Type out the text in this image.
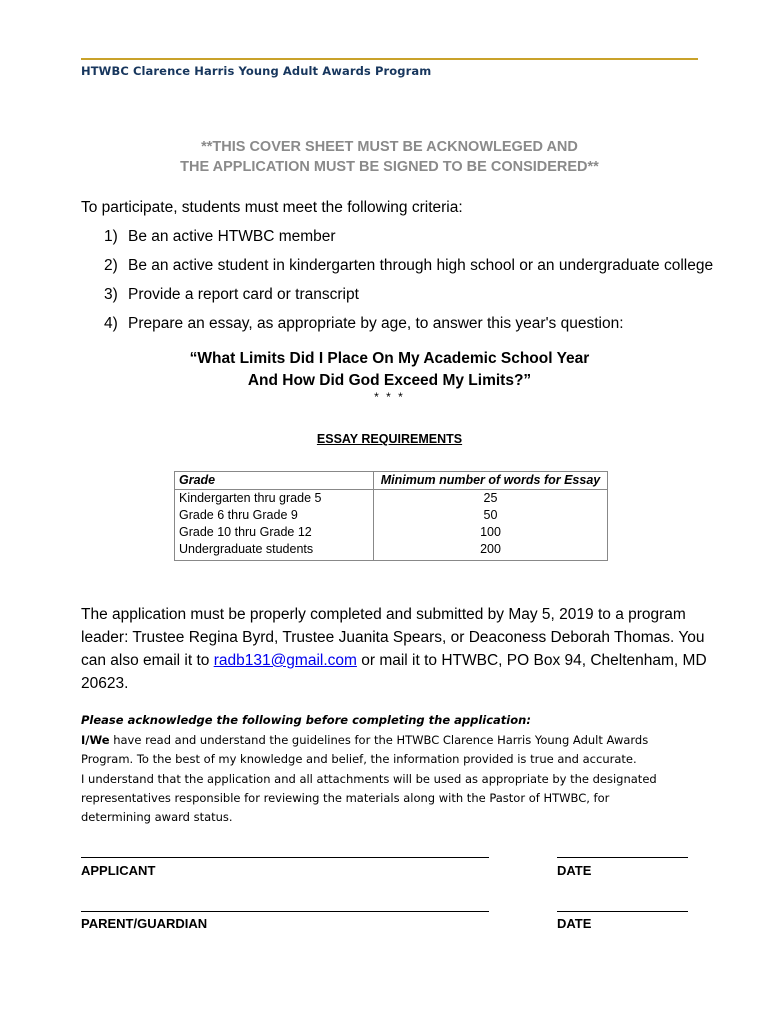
HTWBC Clarence Harris Young Adult Awards Program
**THIS COVER SHEET MUST BE ACKNOWLEGED AND
THE APPLICATION MUST BE SIGNED TO BE CONSIDERED**
To participate, students must meet the following criteria:
1) Be an active HTWBC member
2) Be an active student in kindergarten through high school or an undergraduate college
3) Provide a report card or transcript
4) Prepare an essay, as appropriate by age, to answer this year's question:
“What Limits Did I Place On My Academic School Year
And How Did God Exceed My Limits?”
* * *
ESSAY REQUIREMENTS
Grade	Minimum number of words for Essay
Kindergarten thru grade 5	25
Grade 6 thru Grade 9	50
Grade 10 thru Grade 12	100
Undergraduate students	200
The application must be properly completed and submitted by May 5, 2019 to a program leader: Trustee Regina Byrd, Trustee Juanita Spears, or Deaconess Deborah Thomas. You can also email it to radb131@gmail.com or mail it to HTWBC, PO Box 94, Cheltenham, MD 20623.
Please acknowledge the following before completing the application:
I/We have read and understand the guidelines for the HTWBC Clarence Harris Young Adult Awards
Program. To the best of my knowledge and belief, the information provided is true and accurate.
I understand that the application and all attachments will be used as appropriate by the designated
representatives responsible for reviewing the materials along with the Pastor of HTWBC, for
determining award status.
APPLICANT	DATE
PARENT/GUARDIAN	DATE
